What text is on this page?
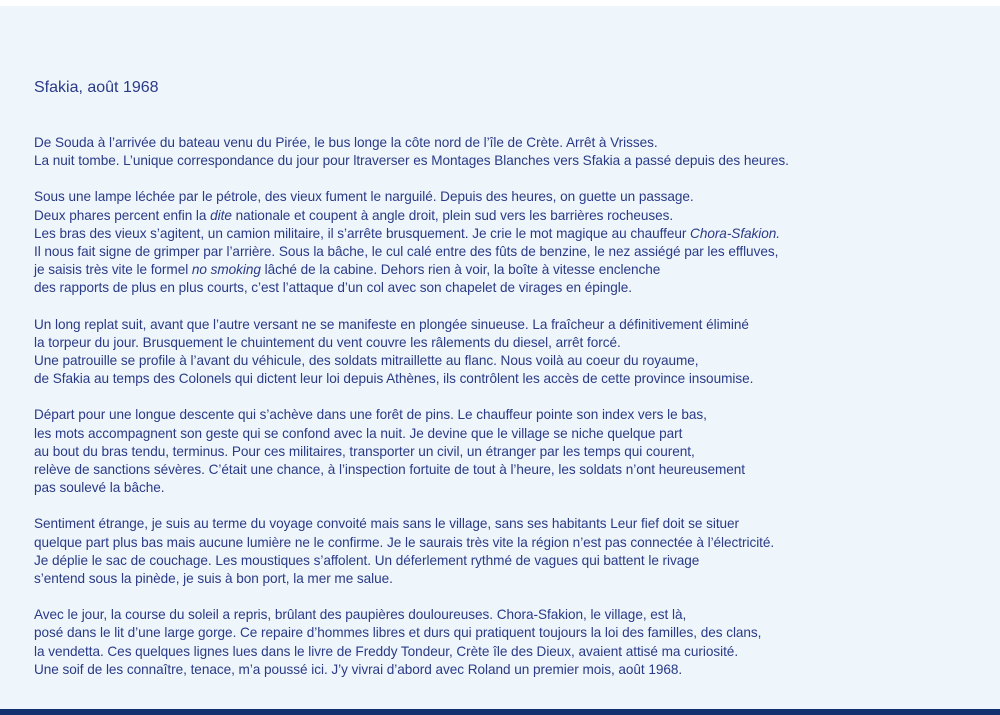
Sfakia, août 1968
De Souda à l’arrivée du bateau venu du Pirée, le bus longe la côte nord de l’île de Crète. Arrêt à Vrisses.
La nuit tombe. L’unique correspondance du jour pour ltraverser es Montages Blanches vers Sfakia a passé depuis des heures.
Sous une lampe léchée par le pétrole, des vieux fument le narguilé. Depuis des heures, on guette un passage.
Deux phares percent enfin la dite nationale et coupent à angle droit, plein sud vers les barrières rocheuses.
Les bras des vieux s’agitent, un camion militaire, il s’arrête brusquement. Je crie le mot magique au chauffeur Chora-Sfakion.
Il nous fait signe de grimper par l’arrière. Sous la bâche, le cul calé entre des fûts de benzine, le nez assiégé par les effluves,
je saisis très vite le formel no smoking lâché de la cabine. Dehors rien à voir, la boîte à vitesse enclenche
des rapports de plus en plus courts, c’est l’attaque d’un col avec son chapelet de virages en épingle.
Un long replat suit, avant que l’autre versant ne se manifeste en plongée sinueuse. La fraîcheur a définitivement éliminé
la torpeur du jour. Brusquement le chuintement du vent couvre les râlements du diesel, arrêt forcé.
Une patrouille se profile à l’avant du véhicule, des soldats mitraillette au flanc. Nous voilà au coeur du royaume,
de Sfakia au temps des Colonels qui dictent leur loi depuis Athènes, ils contrôlent les accès de cette province insoumise.
Départ pour une longue descente qui s’achève dans une forêt de pins. Le chauffeur pointe son index vers le bas,
les mots accompagnent son geste qui se confond avec la nuit. Je devine que le village se niche quelque part
au bout du bras tendu, terminus. Pour ces militaires, transporter un civil, un étranger par les temps qui courent,
relève de sanctions sévères. C’était une chance, à l’inspection fortuite de tout à l’heure, les soldats n’ont heureusement
pas soulevé la bâche.
Sentiment étrange, je suis au terme du voyage convoité mais sans le village, sans ses habitants Leur fief doit se situer
quelque part plus bas mais aucune lumière ne le confirme. Je le saurais très vite la région n’est pas connectée à l’électricité.
Je déplie le sac de couchage. Les moustiques s’affolent. Un déferlement rythmé de vagues qui battent le rivage
s’entend sous la pinède, je suis à bon port, la mer me salue.
Avec le jour, la course du soleil a repris, brûlant des paupières douloureuses. Chora-Sfakion, le village, est là,
posé dans le lit d’une large gorge. Ce repaire d’hommes libres et durs qui pratiquent toujours la loi des familles, des clans,
la vendetta. Ces quelques lignes lues dans le livre de Freddy Tondeur, Crète île des Dieux, avaient attisé ma curiosité.
Une soif de les connaître, tenace, m’a poussé ici. J’y vivrai d’abord avec Roland un premier mois, août 1968.
